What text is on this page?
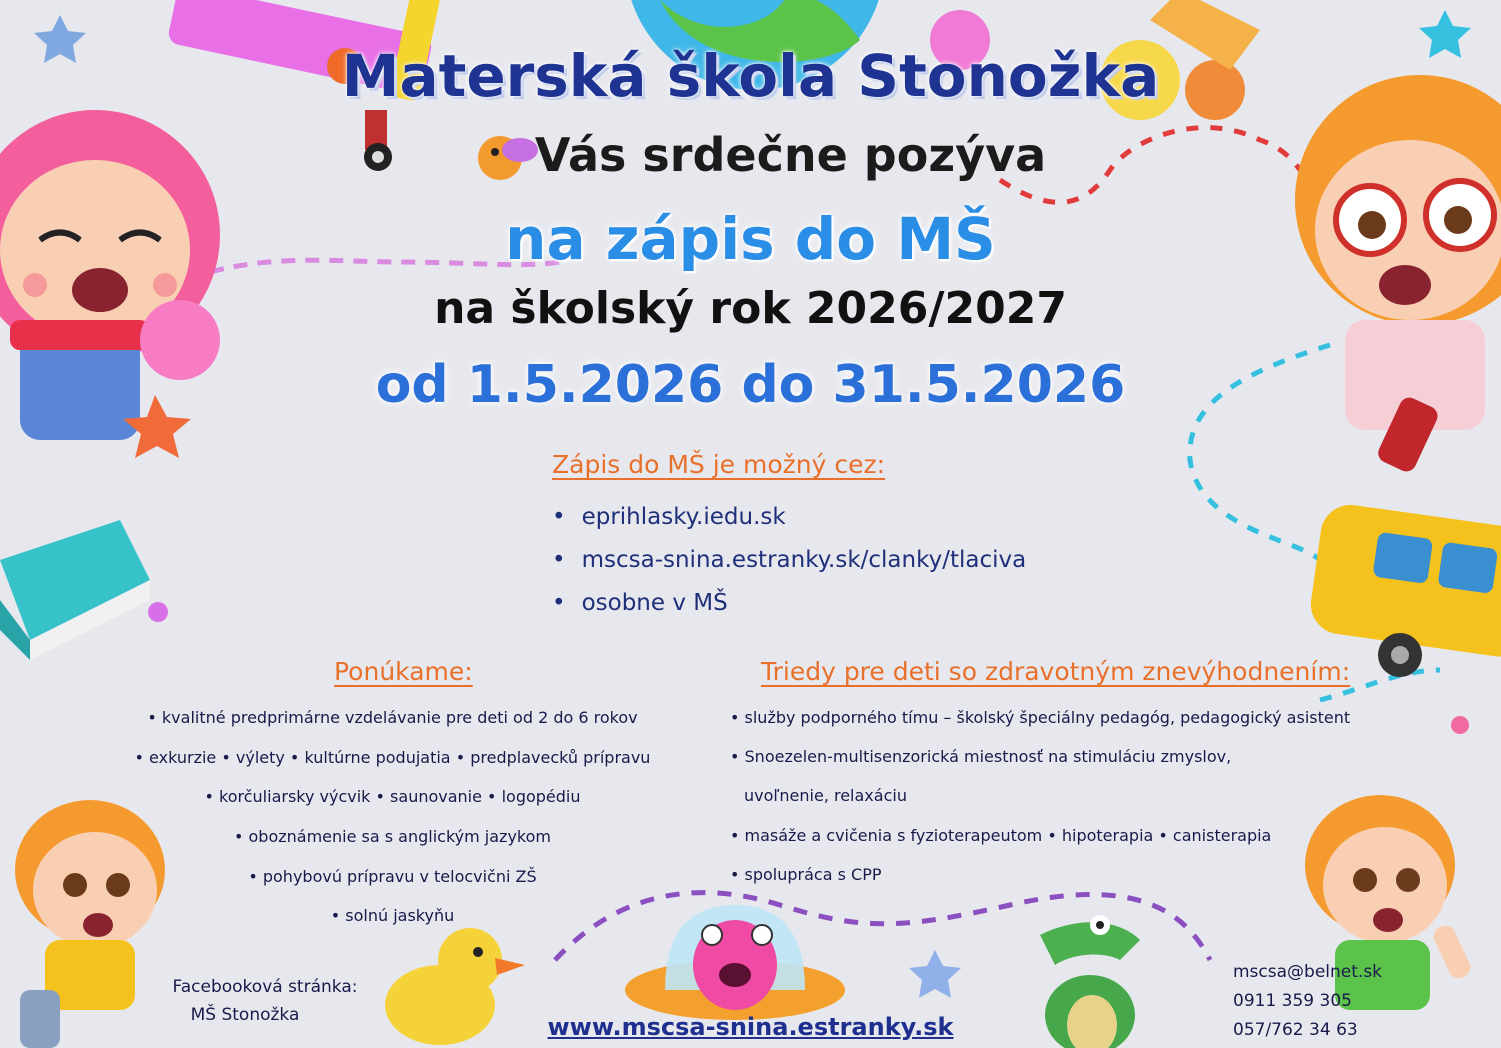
Materská škola Stonožka
Vás srdečne pozýva
na zápis do MŠ
na školský rok 2026/2027
od 1.5.2026 do 31.5.2026
Zápis do MŠ je možný cez:
• eprihlasky.iedu.sk
• mscsa-snina.estranky.sk/clanky/tlaciva
• osobne v MŠ
Ponúkame:
• kvalitné predprimárne vzdelávanie pre deti od 2 do 6 rokov
• exkurzie • výlety • kultúrne podujatia • predplavecků prípravu
• korčuliarsky výcvik • saunovanie • logopédiu
• oboznámenie sa s anglickým jazykom
• pohybovú prípravu v telocvični ZŠ
• solnú jaskyňu
Triedy pre deti so zdravotným znevýhodnením:
• služby podporného tímu – školský špeciálny pedagóg, pedagogický asistent
• Snoezelen-multisenzorická miestnosť na stimuláciu zmyslov,
uvoľnenie, relaxáciu
• masáže a cvičenia s fyzioterapeutom • hipoterapia • canisterapia
• spolupráca s CPP
Facebooková stránka:
MŠ Stonožka	www.mscsa-snina.estranky.sk
mscsa@belnet.sk
0911 359 305
057/762 34 63
